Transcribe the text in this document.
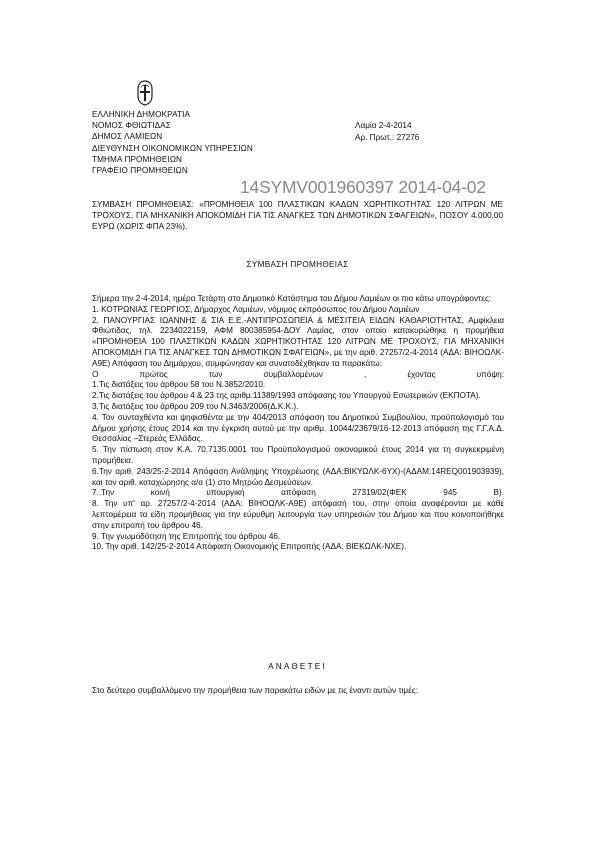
ΕΛΛΗΝΙΚΗ ΔΗΜΟΚΡΑΤΙΑ
ΝΟΜΟΣ ΦΘΙΩΤΙΔΑΣ
ΔΗΜΟΣ ΛΑΜΙΕΩΝ
ΔΙΕΥΘΥΝΣΗ ΟΙΚΟΝΟΜΙΚΩΝ ΥΠΗΡΕΣΙΩΝ
ΤΜΗΜΑ ΠΡΟΜΗΘΕΙΩΝ
ΓΡΑΦΕΙΟ ΠΡΟΜΗΘΕΙΩΝ
Λαμία 2-4-2014
Αρ. Πρωτ.: 27276
14SYMV001960397 2014-04-02
ΣΥΜΒΑΣΗ ΠΡΟΜΗΘΕΙΑΣ: «ΠΡΟΜΗΘΕΙΑ 100 ΠΛΑΣΤΙΚΩΝ ΚΑΔΩΝ ΧΩΡΗΤΙΚΟΤΗΤΑΣ 120 ΛΙΤΡΩΝ ΜΕ ΤΡΟΧΟΥΣ, ΓΙΑ ΜΗΧΑΝΙΚΗ ΑΠΟΚΟΜΙΔΗ ΓΙΑ ΤΙΣ ΑΝΑΓΚΕΣ ΤΩΝ ΔΗΜΟΤΙΚΩΝ ΣΦΑΓΕΙΩΝ», ΠΟΣΟΥ 4.000,00 ΕΥΡΩ (ΧΩΡΙΣ ΦΠΑ 23%).
ΣΥΜΒΑΣΗ ΠΡΟΜΗΘΕΙΑΣ

Σήμερα την 2-4-2014, ημέρα Τετάρτη στο Δημοτικό Κατάστημα του Δήμου Λαμιέων οι πιο κάτω υπογράφοντες:

1. ΚΟΤΡΩΝΙΑΣ ΓΕΩΡΓΙΟΣ, Δήμαρχος Λαμιέων, νόμιμος εκπρόσωπος του Δήμου Λαμιέων

2. ΠΑΝΟΥΡΓΙΑΣ ΙΩΑΝΝΗΣ & ΣΙΑ Ε.Ε.-ΑΝΤΙΠΡΟΣΩΠΕΙΑ & ΜΕΣΙΤΕΙΑ ΕΙΔΩΝ ΚΑΘΑΡΙΟΤΗΤΑΣ, Αμφίκλεια Φθιώτιδας, τηλ. 2234022159, ΑΦΜ 800385954-ΔΟΥ Λαμίας, στον οποίο κατακυρώθηκε η προμήθεια «ΠΡΟΜΗΘΕΙΑ 100 ΠΛΑΣΤΙΚΩΝ ΚΑΔΩΝ ΧΩΡΗΤΙΚΟΤΗΤΑΣ 120 ΛΙΤΡΩΝ ΜΕ ΤΡΟΧΟΥΣ, ΓΙΑ ΜΗΧΑΝΙΚΗ ΑΠΟΚΟΜΙΔΗ ΓΙΑ ΤΙΣ ΑΝΑΓΚΕΣ ΤΩΝ ΔΗΜΟΤΙΚΩΝ ΣΦΑΓΕΙΩΝ», με την αριθ. 27257/2-4-2014 (ΑΔΑ: ΒΙΗΟΩΛΚ-Α9Ε) Απόφαση του Δημάρχου, συμφώνησαν και συνατοδέχθηκαν τα παρακάτω:

Ο πρώτος των συμβαλλομένων , έχοντας υπόψη:

1.Τις διατάξεις του άρθρου 58 του Ν.3852/2010.

2.Τις διατάξεις του άρθρου 4 & 23 της αριθμ.11389/1993 απόφασης του Υπουργού Εσωτερικών (ΕΚΠΟΤΑ).

3.Τις διατάξεις του άρθρου 209 του Ν.3463/2006(Δ.Κ.Κ.).

4. Τον συνταχθέντα και ψηφισθέντα με την 404/2013 απόφαση του Δημοτικού Συμβουλίου, προϋπολογισμό του Δήμου χρήσης έτους 2014 και την έγκριση αυτού με την αριθμ. 10044/23679/16-12-2013 απόφαση της Γ.Γ.Α.Δ. Θεσσαλίας –Στερεάς Ελλάδας.

5. Την πίστωση στον Κ.Α. 70.7135.0001 του Προϋπολογισμού οικονομικού έτους 2014 για τη συγκεκριμένη προμήθεια.

6.Την αριθ. 243/25-2-2014 Απόφαση Ανάληψης Υποχρέωσης (ΑΔΑ:ΒΙΚΥΩΛΚ-6ΥΧ)-(ΑΔΑΜ:14REQ001903939), και τον αριθ. καταχώρησης α/α (1) στο Μητρώο Δεσμεύσεων.

7..Την κοινή υπουργική απόφαση 27319/02(ΦΕΚ 945 Β).

8. Την υπ' αρ. 27257/2-4-2014 (ΑΔΑ: ΒΙΗΟΩΛΚ-Α9Ε) απόφασή του, στην οποία αναφέρονται με κάθε λεπτομέρεια τα είδη προμήθειας για την εύρυθμη λειτουργία των υπηρεσιών του Δήμου και που κοινοποιήθηκε στην επιτροπή του άρθρου 46.

9. Την γνωμοδότηση της Επιτροπής του άρθρου 46.

10. Την αριθ. 142/25-2-2014 Απόφαση Οικονομικής Επιτροπής (ΑΔΑ: ΒΙΕΚΩΛΚ-ΝΧΕ).

ΑΝΑΘΕΤΕΙ
Στο δεύτερο συμβαλλόμενο την προμήθεια των παρακάτω ειδών με τις έναντι αυτών τιμές:
